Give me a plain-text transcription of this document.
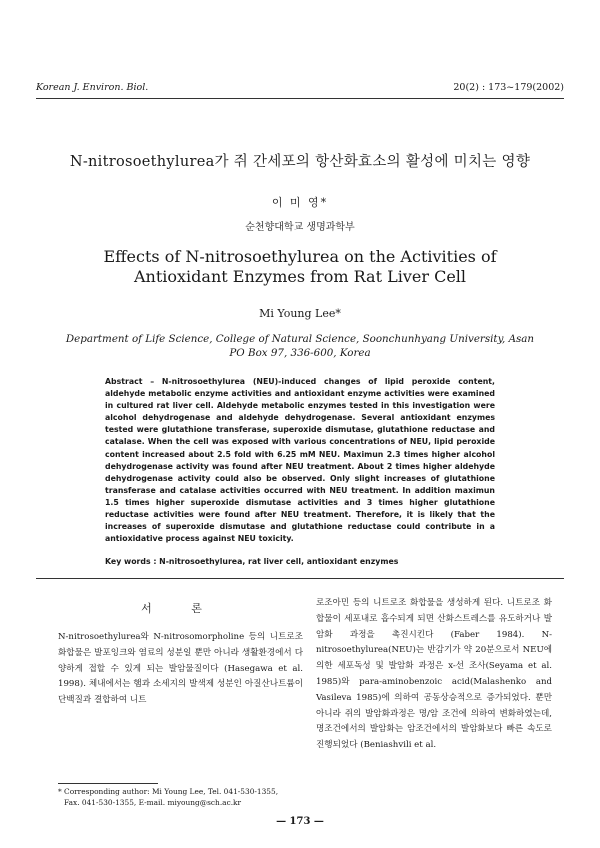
Korean J. Environ. Biol.	20(2) : 173~179(2002)
N-nitrosoethylurea가 쥐 간세포의 항산화효소의 활성에 미치는 영향
이 미 영*
순천향대학교 생명과학부
Effects of N-nitrosoethylurea on the Activities of Antioxidant Enzymes from Rat Liver Cell
Mi Young Lee*
Department of Life Science, College of Natural Science, Soonchunhyang University, Asan PO Box 97, 336-600, Korea
Abstract – N-nitrosoethylurea (NEU)-induced changes of lipid peroxide content, aldehyde metabolic enzyme activities and antioxidant enzyme activities were examined in cultured rat liver cell. Aldehyde metabolic enzymes tested in this investigation were alcohol dehydrogenase and aldehyde dehydrogenase. Several antioxidant enzymes tested were glutathione transferase, superoxide dismutase, glutathione reductase and catalase. When the cell was exposed with various concentrations of NEU, lipid peroxide content increased about 2.5 fold with 6.25 mM NEU. Maximun 2.3 times higher alcohol dehydrogenase activity was found after NEU treatment. About 2 times higher aldehyde dehydrogenase activity could also be observed. Only slight increases of glutathione transferase and catalase activities occurred with NEU treatment. In addition maximun 1.5 times higher superoxide dismutase activities and 3 times higher glutathione reductase activities were found after NEU treatment. Therefore, it is likely that the increases of superoxide dismutase and glutathione reductase could contribute in a antioxidative process against NEU toxicity.
Key words : N-nitrosoethylurea, rat liver cell, antioxidant enzymes
서 론

N-nitrosoethylurea와 N-nitrosomorpholine 등의 니트로조 화합물은 발포잉크와 염료의 성분일 뿐만 아니라 생활환경에서 다양하게 접할 수 있게 되는 발암물질이다 (Hasegawa et al. 1998). 체내에서는 햄과 소세지의 발색제 성분인 아질산나트륨이 단백질과 결합하여 니트

로조아민 등의 니트로조 화합물을 생성하게 된다. 니트로조 화합물이 세포내로 흡수되게 되면 산화스트레스를 유도하거나 발암화 과정을 촉진시킨다 (Faber 1984). N-nitrosoethylurea(NEU)는 반감기가 약 20분으로서 NEU에 의한 세포독성 및 발암화 과정은 x-선 조사(Seyama et al. 1985)와 para-aminobenzoic acid(Malashenko and Vasileva 1985)에 의하여 공동상승적으로 증가되었다. 뿐만 아니라 쥐의 발암화과정은 명/암 조건에 의하여 변화하였는데, 명조건에서의 발암화는 암조건에서의 발암화보다 빠른 속도로 진행되었다 (Beniashvili et al.

* Corresponding author: Mi Young Lee, Tel. 041-530-1355,
Fax. 041-530-1355, E-mail. miyoung@sch.ac.kr
— 173 —
